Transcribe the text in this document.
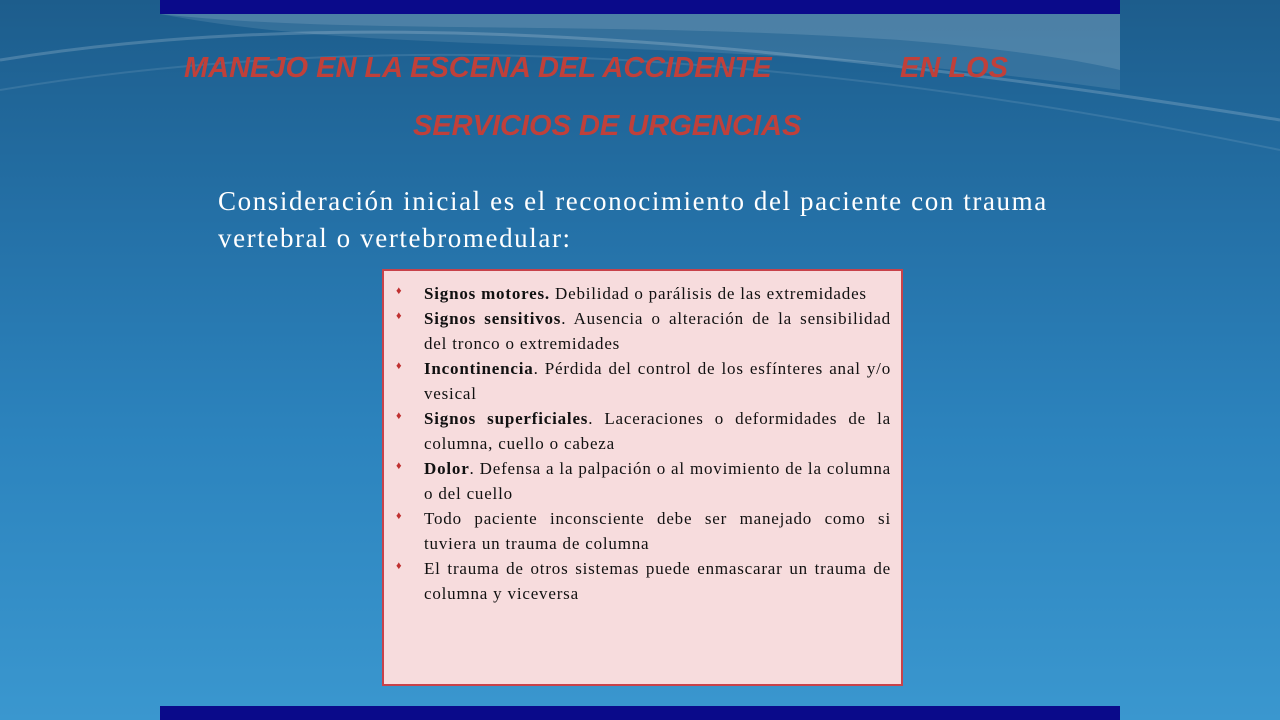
MANEJO EN LA ESCENA DEL ACCIDENTE	EN LOS
SERVICIOS DE URGENCIAS
Consideración inicial es el reconocimiento del paciente con trauma vertebral o vertebromedular:
♦ Signos motores. Debilidad o parálisis de las extremidades
♦ Signos sensitivos. Ausencia o alteración de la sensibilidad del tronco o extremidades
♦ Incontinencia. Pérdida del control de los esfínteres anal y/o vesical
♦ Signos superficiales. Laceraciones o deformidades de la columna, cuello o cabeza
♦ Dolor. Defensa a la palpación o al movimiento de la columna o del cuello
♦ Todo paciente inconsciente debe ser manejado como si tuviera un trauma de columna
♦ El trauma de otros sistemas puede enmascarar un trauma de columna y viceversa
